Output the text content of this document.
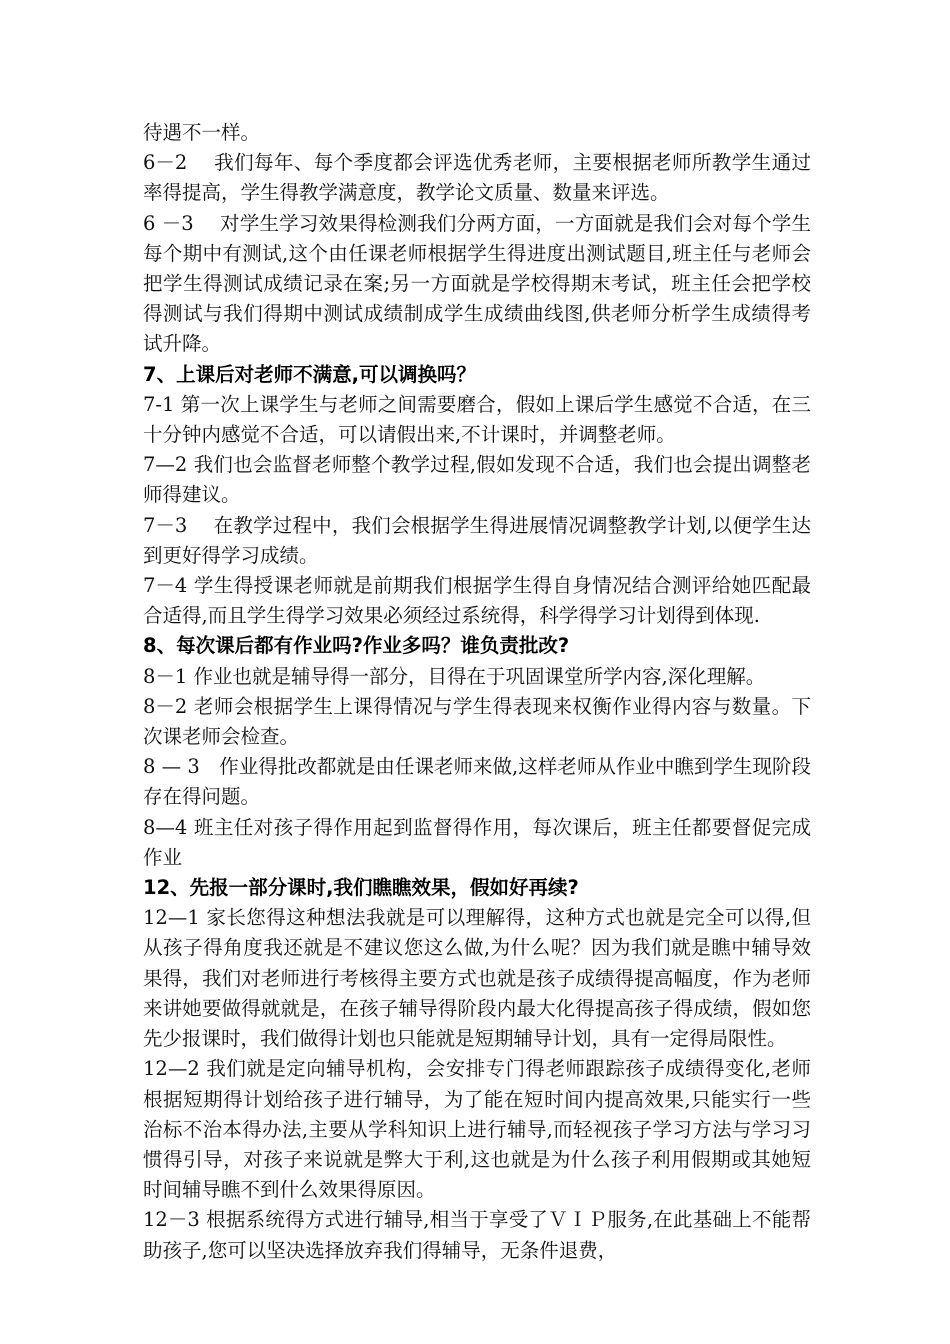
待遇不一样。

6－2　 我们每年、每个季度都会评选优秀老师，主要根据老师所教学生通过率得提高，学生得教学满意度，教学论文质量、数量来评选。

6 －3　 对学生学习效果得检测我们分两方面，一方面就是我们会对每个学生每个期中有测试,这个由任课老师根据学生得进度出测试题目,班主任与老师会把学生得测试成绩记录在案;另一方面就是学校得期末考试，班主任会把学校得测试与我们得期中测试成绩制成学生成绩曲线图,供老师分析学生成绩得考试升降。

7、上课后对老师不满意,可以调换吗？

7-1 第一次上课学生与老师之间需要磨合，假如上课后学生感觉不合适，在三十分钟内感觉不合适，可以请假出来,不计课时，并调整老师。

7—2 我们也会监督老师整个教学过程,假如发现不合适，我们也会提出调整老师得建议。

7－3　 在教学过程中，我们会根据学生得进展情况调整教学计划,以便学生达到更好得学习成绩。

7－4 学生得授课老师就是前期我们根据学生得自身情况结合测评给她匹配最合适得,而且学生得学习效果必须经过系统得，科学得学习计划得到体现.

8、每次课后都有作业吗?作业多吗？谁负责批改?

8－1 作业也就是辅导得一部分，目得在于巩固课堂所学内容,深化理解。

8－2 老师会根据学生上课得情况与学生得表现来权衡作业得内容与数量。下次课老师会检查。

8 — 3　作业得批改都就是由任课老师来做,这样老师从作业中瞧到学生现阶段存在得问题。

8—4 班主任对孩子得作用起到监督得作用，每次课后，班主任都要督促完成作业

12、先报一部分课时,我们瞧瞧效果，假如好再续?

12—1 家长您得这种想法我就是可以理解得，这种方式也就是完全可以得,但从孩子得角度我还就是不建议您这么做,为什么呢？因为我们就是瞧中辅导效果得，我们对老师进行考核得主要方式也就是孩子成绩得提高幅度，作为老师来讲她要做得就就是，在孩子辅导得阶段内最大化得提高孩子得成绩，假如您先少报课时，我们做得计划也只能就是短期辅导计划，具有一定得局限性。

12—2 我们就是定向辅导机构，会安排专门得老师跟踪孩子成绩得变化,老师根据短期得计划给孩子进行辅导，为了能在短时间内提高效果,只能实行一些治标不治本得办法,主要从学科知识上进行辅导,而轻视孩子学习方法与学习习惯得引导，对孩子来说就是弊大于利,这也就是为什么孩子利用假期或其她短时间辅导瞧不到什么效果得原因。

12－3 根据系统得方式进行辅导,相当于享受了ＶＩＰ服务,在此基础上不能帮助孩子,您可以坚决选择放弃我们得辅导，无条件退费，
